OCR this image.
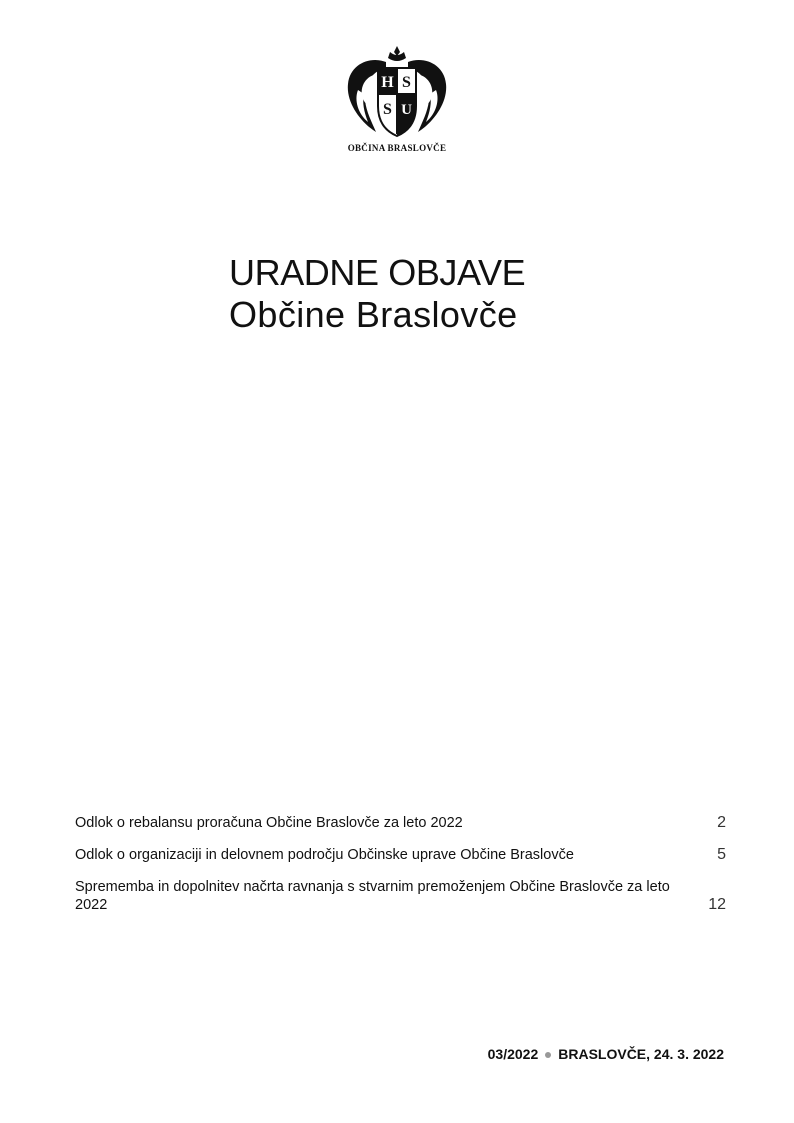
H S
S U
OBČINA BRASLOVČE
URADNE OBJAVE
Občine Braslovče
Odlok o rebalansu proračuna Občine Braslovče za leto 2022	2
Odlok o organizaciji in delovnem področju Občinske uprave Občine Braslovče	5
Sprememba in dopolnitev načrta ravnanja s stvarnim premoženjem Občine Braslovče za leto 2022	12
03/2022 BRASLOVČE, 24. 3. 2022
